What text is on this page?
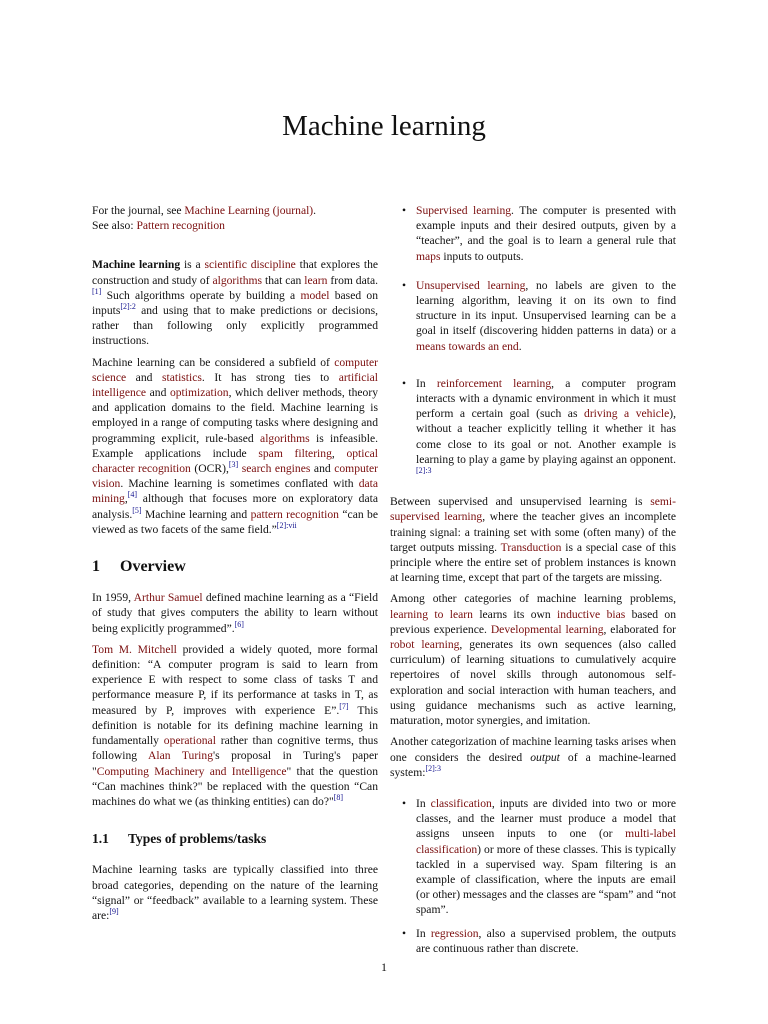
Machine learning

For the journal, see Machine Learning (journal).

See also: Pattern recognition

Machine learning is a scientific discipline that explores the construction and study of algorithms that can learn from data.[1] Such algorithms operate by building a model based on inputs$^{[2]:2}$ and using that to make predictions or decisions, rather than following only explicitly programmed instructions.

Machine learning can be considered a subfield of computer science and statistics. It has strong ties to artificial intelligence and optimization, which deliver methods, theory and application domains to the field. Machine learning is employed in a range of computing tasks where designing and programming explicit, rule-based algorithms is infeasible. Example applications include spam filtering, optical character recognition (OCR),[3] search engines and computer vision. Machine learning is sometimes conflated with data mining,[4] although that focuses more on exploratory data analysis.[5] Machine learning and pattern recognition “can be viewed as two facets of the same field.”$^{[2]:vii}$

1 Overview

In 1959, Arthur Samuel defined machine learning as a “Field of study that gives computers the ability to learn without being explicitly programmed”.[6]

Tom M. Mitchell provided a widely quoted, more formal definition: “A computer program is said to learn from experience E with respect to some class of tasks T and performance measure P, if its performance at tasks in T, as measured by P, improves with experience E”.[7] This definition is notable for its defining machine learning in fundamentally operational rather than cognitive terms, thus following Alan Turing's proposal in Turing's paper "Computing Machinery and Intelligence" that the question “Can machines think?" be replaced with the question “Can machines do what we (as thinking entities) can do?"[8]

1.1 Types of problems/tasks

Machine learning tasks are typically classified into three broad categories, depending on the nature of the learning “signal” or “feedback” available to a learning system. These are:[9]

• Supervised learning. The computer is presented with example inputs and their desired outputs, given by a “teacher”, and the goal is to learn a general rule that maps inputs to outputs.
• Unsupervised learning, no labels are given to the learning algorithm, leaving it on its own to find structure in its input. Unsupervised learning can be a goal in itself (discovering hidden patterns in data) or a means towards an end.
• In reinforcement learning, a computer program interacts with a dynamic environment in which it must perform a certain goal (such as driving a vehicle), without a teacher explicitly telling it whether it has come close to its goal or not. Another example is learning to play a game by playing against an opponent.$^{[2]:3}$

Between supervised and unsupervised learning is semi-supervised learning, where the teacher gives an incomplete training signal: a training set with some (often many) of the target outputs missing. Transduction is a special case of this principle where the entire set of problem instances is known at learning time, except that part of the targets are missing.

Among other categories of machine learning problems, learning to learn learns its own inductive bias based on previous experience. Developmental learning, elaborated for robot learning, generates its own sequences (also called curriculum) of learning situations to cumulatively acquire repertoires of novel skills through autonomous self-exploration and social interaction with human teachers, and using guidance mechanisms such as active learning, maturation, motor synergies, and imitation.

Another categorization of machine learning tasks arises when one considers the desired output of a machine-learned system:$^{[2]:3}$

• In classification, inputs are divided into two or more classes, and the learner must produce a model that assigns unseen inputs to one (or multi-label classification) or more of these classes. This is typically tackled in a supervised way. Spam filtering is an example of classification, where the inputs are email (or other) messages and the classes are “spam” and “not spam”.
• In regression, also a supervised problem, the outputs are continuous rather than discrete.
1
